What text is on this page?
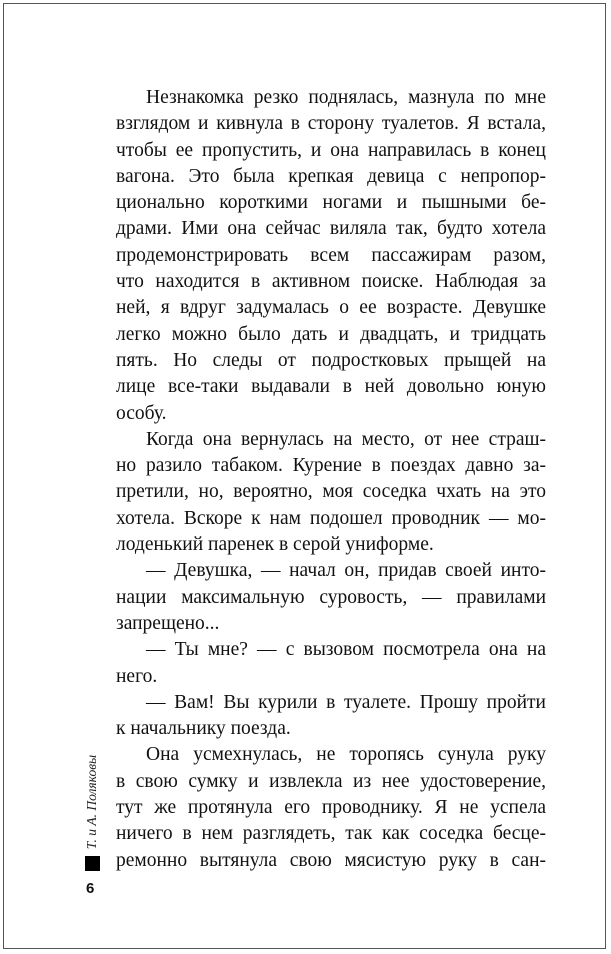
Незнакомка резко поднялась, мазнула по мне
взглядом и кивнула в сторону туалетов. Я встала,
чтобы ее пропустить, и она направилась в конец
вагона. Это была крепкая девица с непропор-
ционально короткими ногами и пышными бе-
драми. Ими она сейчас виляла так, будто хотела
продемонстрировать всем пассажирам разом,
что находится в активном поиске. Наблюдая за
ней, я вдруг задумалась о ее возрасте. Девушке
легко можно было дать и двадцать, и тридцать
пять. Но следы от подростковых прыщей на
лице все-таки выдавали в ней довольно юную
особу.
Когда она вернулась на место, от нее страш-
но разило табаком. Курение в поездах давно за-
претили, но, вероятно, моя соседка чхать на это
хотела. Вскоре к нам подошел проводник — мо-
лоденький паренек в серой униформе.
— Девушка, — начал он, придав своей инто-
нации максимальную суровость, — правилами
запрещено...
— Ты мне? — с вызовом посмотрела она на
него.
— Вам! Вы курили в туалете. Прошу пройти
к начальнику поезда.
Она усмехнулась, не торопясь сунула руку
в свою сумку и извлекла из нее удостоверение,
тут же протянула его проводнику. Я не успела
ничего в нем разглядеть, так как соседка бесце-
ремонно вытянула свою мясистую руку в сан-
Т. и А. Поляковы
6
